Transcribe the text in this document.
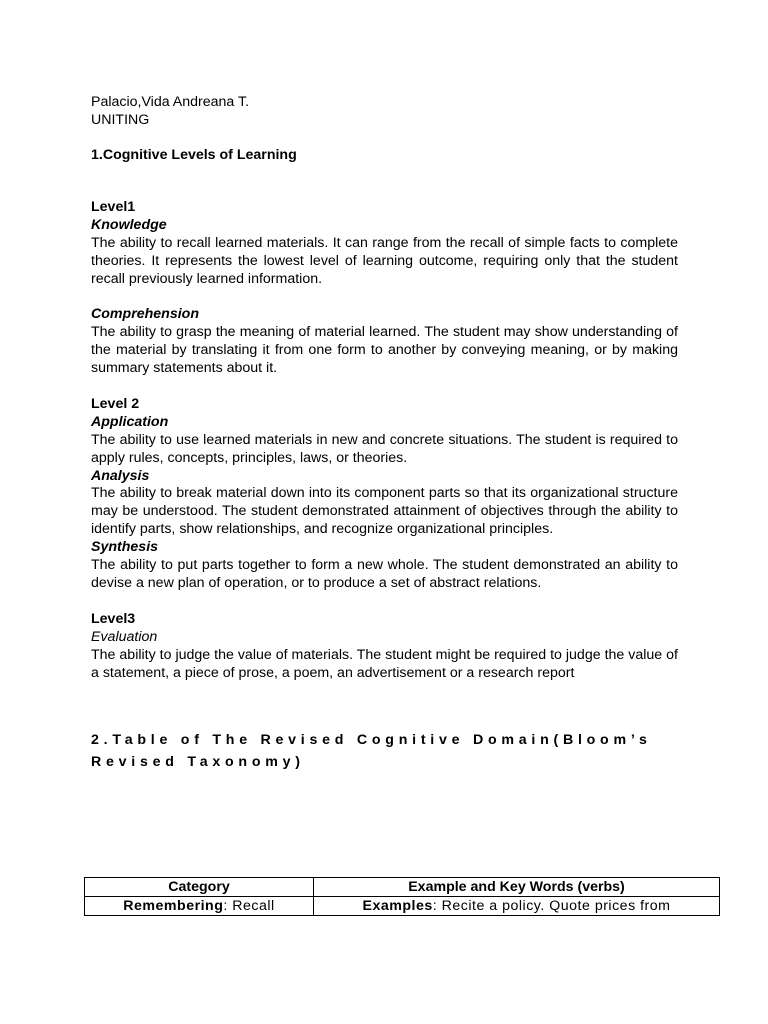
Palacio,Vida Andreana T.
UNITING
1.Cognitive Levels of Learning
Level1
Knowledge
The ability to recall learned materials. It can range from the recall of simple facts to complete theories. It represents the lowest level of learning outcome, requiring only that the student recall previously learned information.
Comprehension
The ability to grasp the meaning of material learned. The student may show understanding of the material by translating it from one form to another by conveying meaning, or by making summary statements about it.
Level 2
Application
The ability to use learned materials in new and concrete situations. The student is required to apply rules, concepts, principles, laws, or theories.
Analysis
The ability to break material down into its component parts so that its organizational structure may be understood. The student demonstrated attainment of objectives through the ability to identify parts, show relationships, and recognize organizational principles.
Synthesis
The ability to put parts together to form a new whole. The student demonstrated an ability to devise a new plan of operation, or to produce a set of abstract relations.
Level3
Evaluation
The ability to judge the value of materials. The student might be required to judge the value of a statement, a piece of prose, a poem, an advertisement or a research report
2.Table of The Revised Cognitive Domain(Bloom’s
Revised Taxonomy)
Category	Example and Key Words (verbs)
Remembering: Recall	Examples: Recite a policy. Quote prices from
